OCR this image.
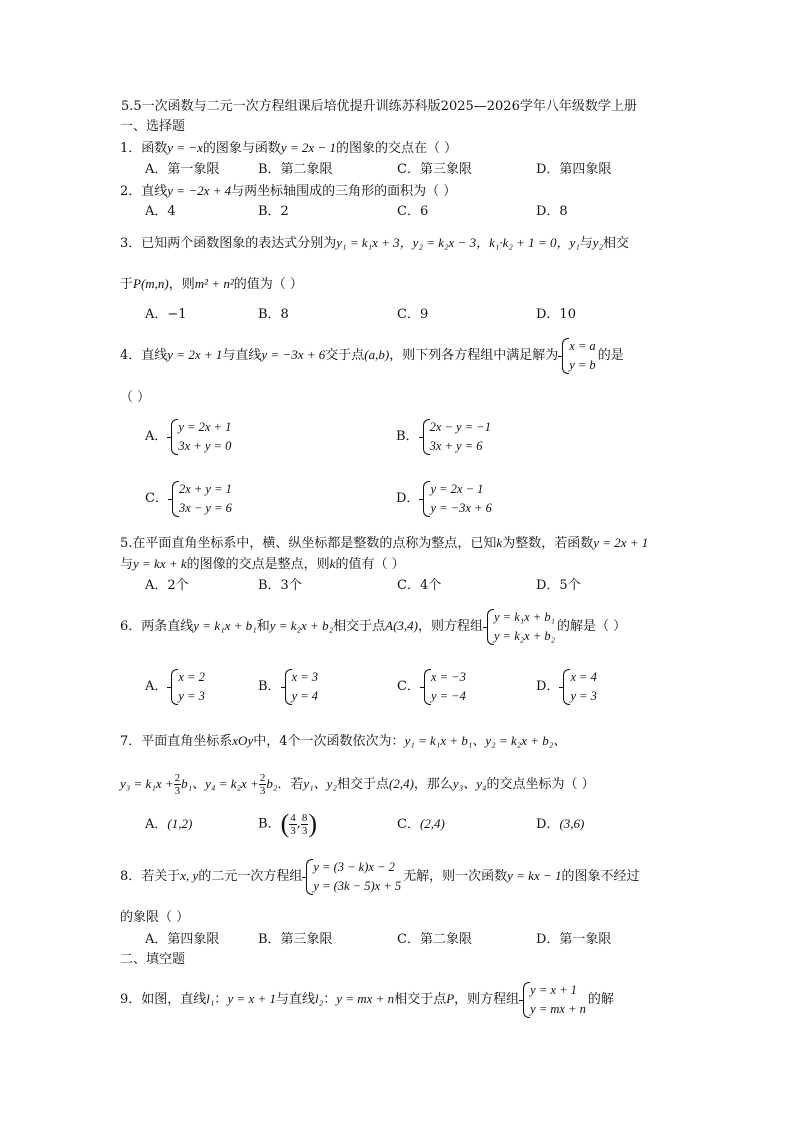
5.5一次函数与二元一次方程组课后培优提升训练苏科版2025—2026学年八年级数学上册
一、选择题
1．函数y = −x的图象与函数y = 2x − 1的图象的交点在（ ）
A．第一象限	B．第二象限	C．第三象限	D．第四象限
2．直线y = −2x + 4与两坐标轴围成的三角形的面积为（ ）
A．4	B．2	C．6	D．8
3．已知两个函数图象的表达式分别为y₁ = k₁x + 3，y₂ = k₂x − 3，k₁·k₂ + 1 = 0，y₁与y₂相交
于P(m,n)，则m² + n²的值为（ ）
A．−1	B．8	C．9	D．10
4．直线y = 2x + 1与直线y = −3x + 6交于点(a,b)，则下列各方程组中满足解为
x = a
y = b
的是
（ ）
A．
y = 2x + 1
3x + y = 0
B．
2x − y = −1
3x + y = 6
C．
2x + y = 1
3x − y = 6
D．
y = 2x − 1
y = −3x + 6
5.在平面直角坐标系中，横、纵坐标都是整数的点称为整点，已知k为整数，若函数y = 2x + 1
与y = kx + k的图像的交点是整点，则k的值有（ ）
A．2个	B．3个	C．4个	D．5个
6．两条直线y = k₁x + b₁和y = k₂x + b₂相交于点A(3,4)，则方程组
y = k₁x + b₁
y = k₂x + b₂
的解是（ ）
A．
x = 2
y = 3
B．
x = 3
y = 4
C．
x = −3
y = −4
D．
x = 4
y = 3
7．平面直角坐标系xOy中，4个一次函数依次为：y₁ = k₁x + b₁、y₂ = k₂x + b₂、
$y_3 = k_1x + \frac{2}{3} b_1$、$y_4 = k_2x + \frac{2}{3} b_2$．若y₁、y₂相交于点(2,4)，那么y₃、y₄的交点坐标为（ ）
A．(1,2)	B．( $\frac{4}{3}$ , $\frac{8}{3}$ )	C．(2,4)	D．(3,6)
8．若关于x, y的二元一次方程组
y = (3 − k)x − 2
y = (3k − 5)x + 5
无解，则一次函数y = kx − 1的图象不经过
的象限（ ）
A．第四象限	B．第三象限	C．第二象限	D．第一象限
二、填空题
9．如图，直线l₁：y = x + 1与直线l₂：y = mx + n相交于点P，则方程组
y = x + 1
y = mx + n
的解
